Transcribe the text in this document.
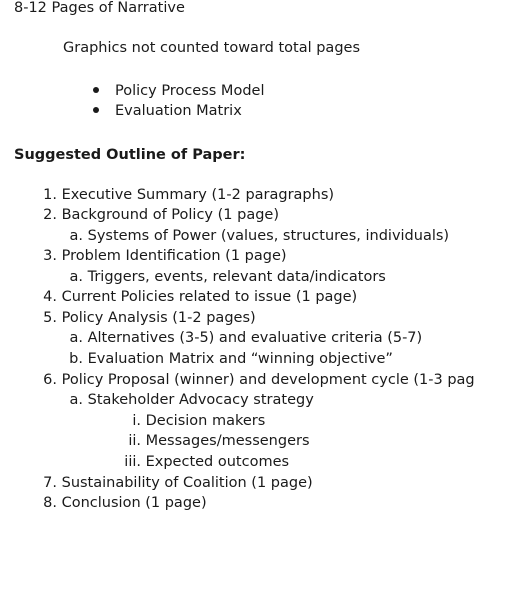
8-12 Pages of Narrative
Graphics not counted toward total pages
Policy Process Model
Evaluation Matrix
Suggested Outline of Paper:
1. Executive Summary (1-2 paragraphs)
2. Background of Policy (1 page)
a. Systems of Power (values, structures, individuals)
3. Problem Identification (1 page)
a. Triggers, events, relevant data/indicators
4. Current Policies related to issue (1 page)
5. Policy Analysis (1-2 pages)
a. Alternatives (3-5) and evaluative criteria (5-7)
b. Evaluation Matrix and “winning objective”
6. Policy Proposal (winner) and development cycle (1-3 pag
a. Stakeholder Advocacy strategy
i. Decision makers
ii. Messages/messengers
iii. Expected outcomes
7. Sustainability of Coalition (1 page)
8. Conclusion (1 page)
